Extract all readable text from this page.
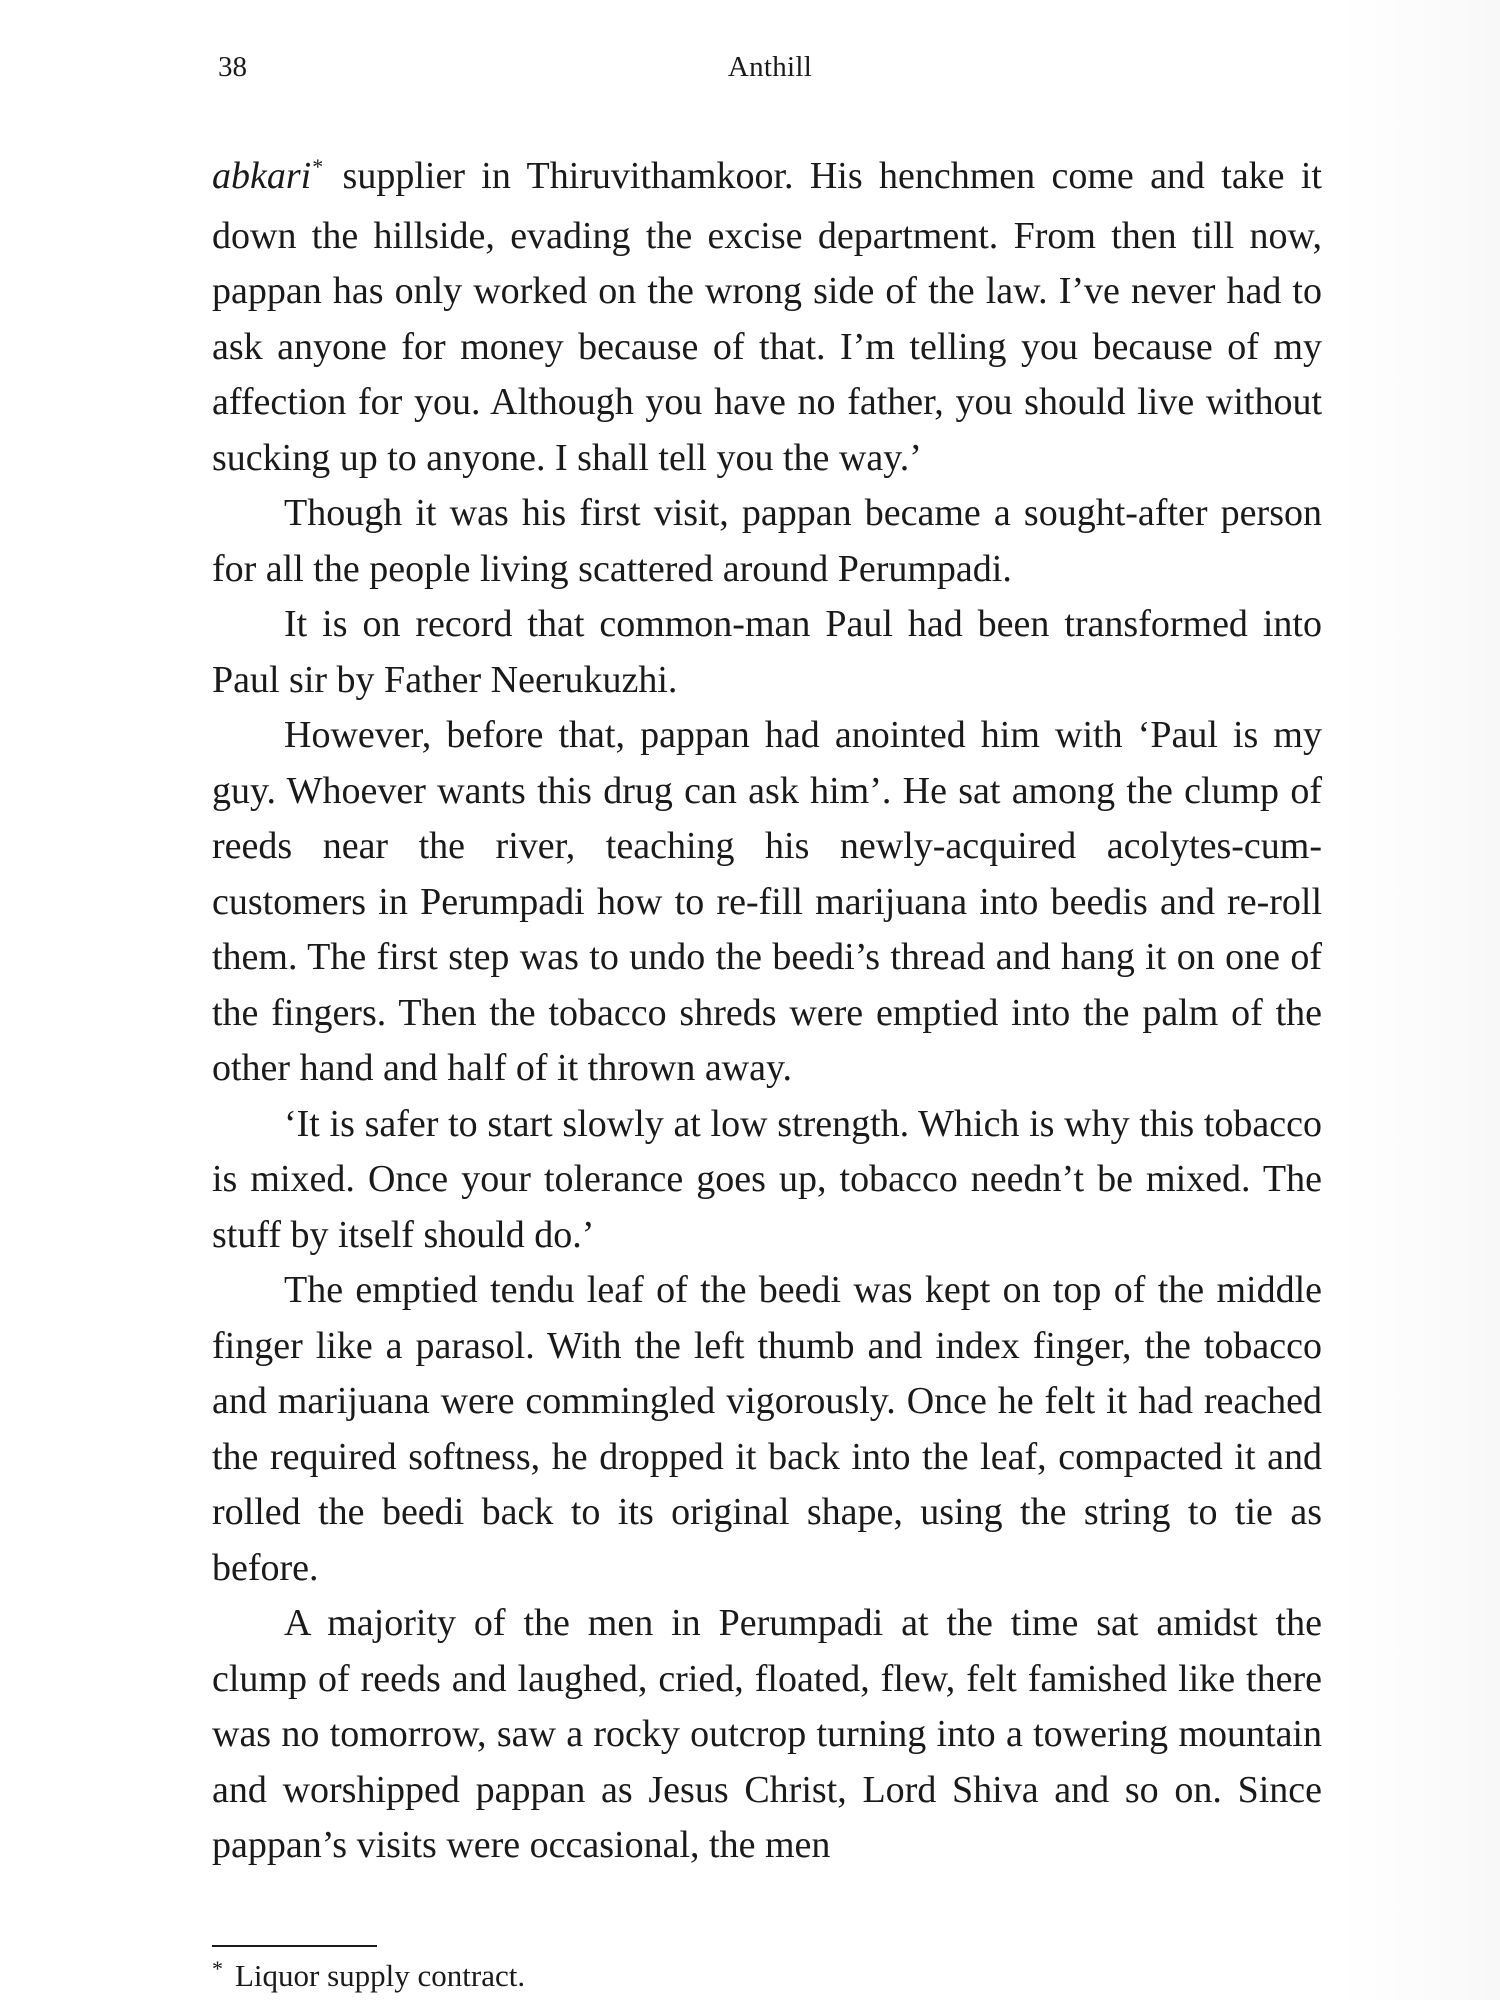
38	Anthill

abkari* supplier in Thiruvithamkoor. His henchmen come and take it down the hillside, evading the excise department. From then till now, pappan has only worked on the wrong side of the law. I’ve never had to ask anyone for money because of that. I’m telling you because of my affection for you. Although you have no father, you should live without sucking up to anyone. I shall tell you the way.’

Though it was his first visit, pappan became a sought-after person for all the people living scattered around Perumpadi.

It is on record that common-man Paul had been transformed into Paul sir by Father Neerukuzhi.

However, before that, pappan had anointed him with ‘Paul is my guy. Whoever wants this drug can ask him’. He sat among the clump of reeds near the river, teaching his newly-acquired acolytes-cum-customers in Perumpadi how to re-fill marijuana into beedis and re-roll them. The first step was to undo the beedi’s thread and hang it on one of the fingers. Then the tobacco shreds were emptied into the palm of the other hand and half of it thrown away.

‘It is safer to start slowly at low strength. Which is why this tobacco is mixed. Once your tolerance goes up, tobacco needn’t be mixed. The stuff by itself should do.’

The emptied tendu leaf of the beedi was kept on top of the middle finger like a parasol. With the left thumb and index finger, the tobacco and marijuana were commingled vigorously. Once he felt it had reached the required softness, he dropped it back into the leaf, compacted it and rolled the beedi back to its original shape, using the string to tie as before.

A majority of the men in Perumpadi at the time sat amidst the clump of reeds and laughed, cried, floated, flew, felt famished like there was no tomorrow, saw a rocky outcrop turning into a towering mountain and worshipped pappan as Jesus Christ, Lord Shiva and so on. Since pappan’s visits were occasional, the men

* Liquor supply contract.
